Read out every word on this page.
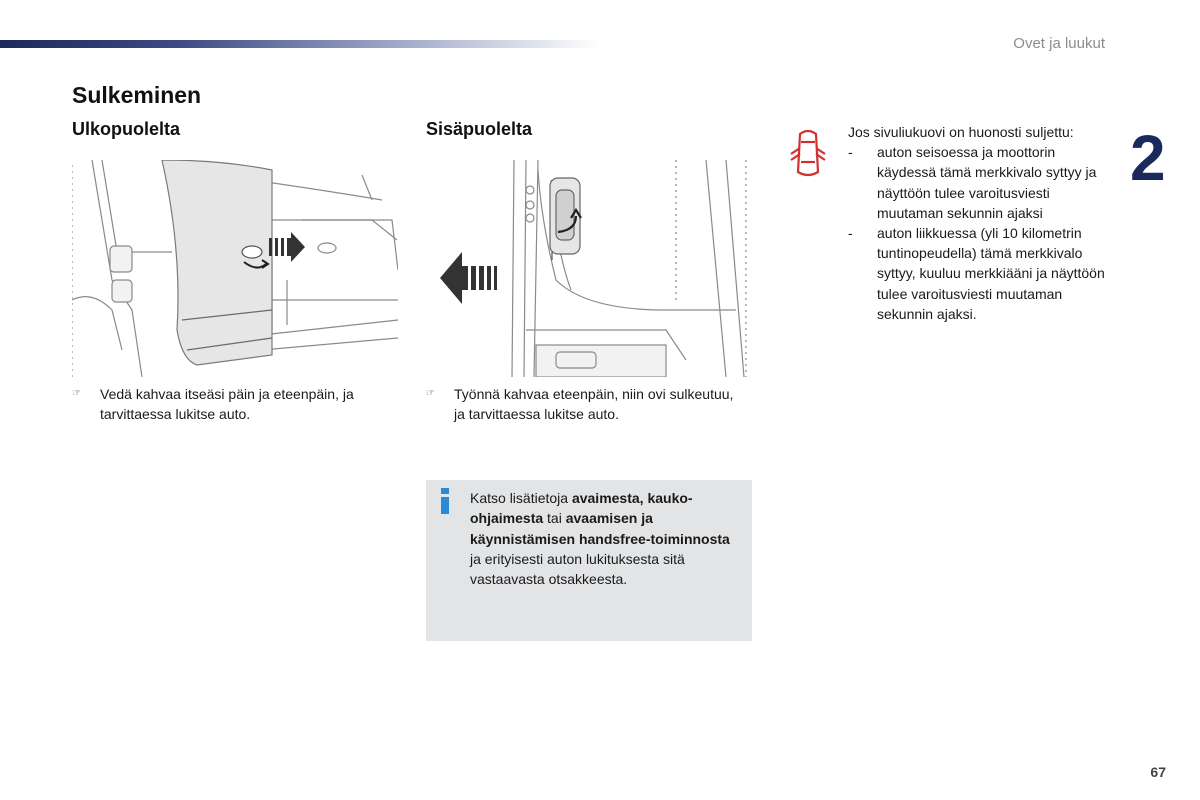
Ovet ja luukut
2
Sulkeminen
Ulkopuolelta	Sisäpuolelta
☞ Vedä kahvaa itseäsi päin ja eteenpäin, ja tarvittaessa lukitse auto.
☞ Työnnä kahvaa eteenpäin, niin ovi sulkeutuu, ja tarvittaessa lukitse auto.
Katso lisätietoja avaimesta, kauko-ohjaimesta tai avaamisen ja käynnistämisen handsfree-toiminnosta ja erityisesti auton lukituksesta sitä vastaavasta otsakkeesta.
Jos sivuliukuovi on huonosti suljettu:
- auton seisoessa ja moottorin käydessä tämä merkkivalo syttyy ja näyttöön tulee varoitusviesti muutaman sekunnin ajaksi
- auton liikkuessa (yli 10 kilometrin tuntinopeudella) tämä merkkivalo syttyy, kuuluu merkkiääni ja näyttöön tulee varoitusviesti muutaman sekunnin ajaksi.
67
